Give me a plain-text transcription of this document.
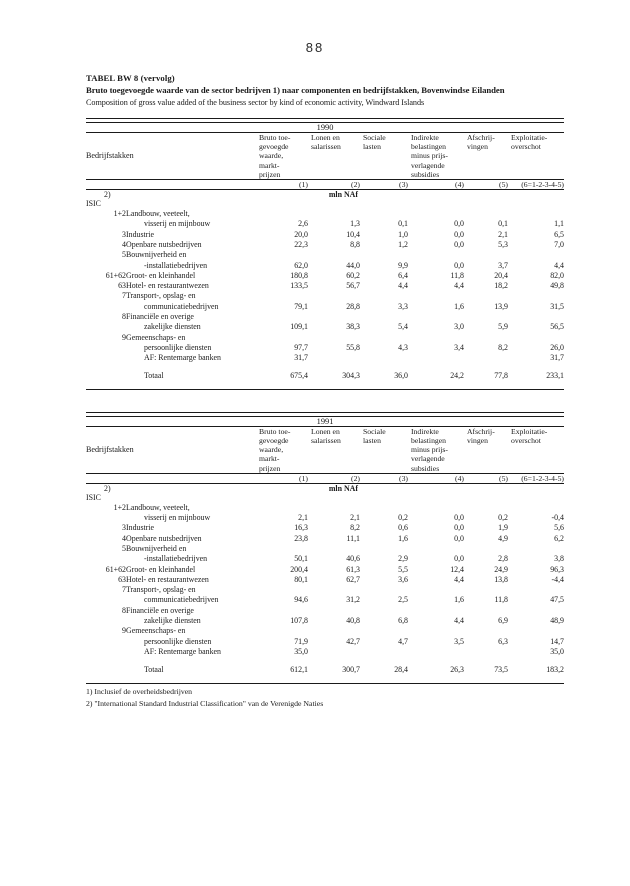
88
TABEL BW 8 (vervolg)
Bruto toegevoegde waarde van de sector bedrijven 1) naar componenten en bedrijfstakken, Bovenwindse Eilanden
Composition of gross value added of the business sector by kind of economic activity, Windward Islands

1990							
Bedrijfstakken		Bruto toe-
gevoegde
waarde,
markt-
prijzen	Lonen en
salarissen	Sociale
lasten	Indirekte
belastingen
minus prijs-
verlagende
subsidies	Afschrij-
vingen	Exploitatie-
overschot
		(1)	(2)	(3)	(4)	(5)	(6=1-2-3-4-5)
2)		mln NAf					
ISIC							
1+2	Landbouw, veeteelt,						
	visserij en mijnbouw	2,6	1,3	0,1	0,0	0,1	1,1
3	Industrie	20,0	10,4	1,0	0,0	2,1	6,5
4	Openbare nutsbedrijven	22,3	8,8	1,2	0,0	5,3	7,0
5	Bouwnijverheid en						
	-installatiebedrijven	62,0	44,0	9,9	0,0	3,7	4,4
61+62	Groot- en kleinhandel	180,8	60,2	6,4	11,8	20,4	82,0
63	Hotel- en restaurantwezen	133,5	56,7	4,4	4,4	18,2	49,8
7	Transport-, opslag- en						
	communicatiebedrijven	79,1	28,8	3,3	1,6	13,9	31,5
8	Financiële en overige						
	zakelijke diensten	109,1	38,3	5,4	3,0	5,9	56,5
9	Gemeenschaps- en						
	persoonlijke diensten	97,7	55,8	4,3	3,4	8,2	26,0
	AF: Rentemarge banken	31,7					31,7
	Totaal	675,4	304,3	36,0	24,2	77,8	233,1

1991							
Bedrijfstakken		Bruto toe-
gevoegde
waarde,
markt-
prijzen	Lonen en
salarissen	Sociale
lasten	Indirekte
belastingen
minus prijs-
verlagende
subsidies	Afschrij-
vingen	Exploitatie-
overschot
		(1)	(2)	(3)	(4)	(5)	(6=1-2-3-4-5)
2)		mln NAf					
ISIC							
1+2	Landbouw, veeteelt,						
	visserij en mijnbouw	2,1	2,1	0,2	0,0	0,2	-0,4
3	Industrie	16,3	8,2	0,6	0,0	1,9	5,6
4	Openbare nutsbedrijven	23,8	11,1	1,6	0,0	4,9	6,2
5	Bouwnijverheid en						
	-installatiebedrijven	50,1	40,6	2,9	0,0	2,8	3,8
61+62	Groot- en kleinhandel	200,4	61,3	5,5	12,4	24,9	96,3
63	Hotel- en restaurantwezen	80,1	62,7	3,6	4,4	13,8	-4,4
7	Transport-, opslag- en						
	communicatiebedrijven	94,6	31,2	2,5	1,6	11,8	47,5
8	Financiële en overige						
	zakelijke diensten	107,8	40,8	6,8	4,4	6,9	48,9
9	Gemeenschaps- en						
	persoonlijke diensten	71,9	42,7	4,7	3,5	6,3	14,7
	AF: Rentemarge banken	35,0					35,0
	Totaal	612,1	300,7	28,4	26,3	73,5	183,2

1) Inclusief de overheidsbedrijven
2) "International Standard Industrial Classification" van de Verenigde Naties
